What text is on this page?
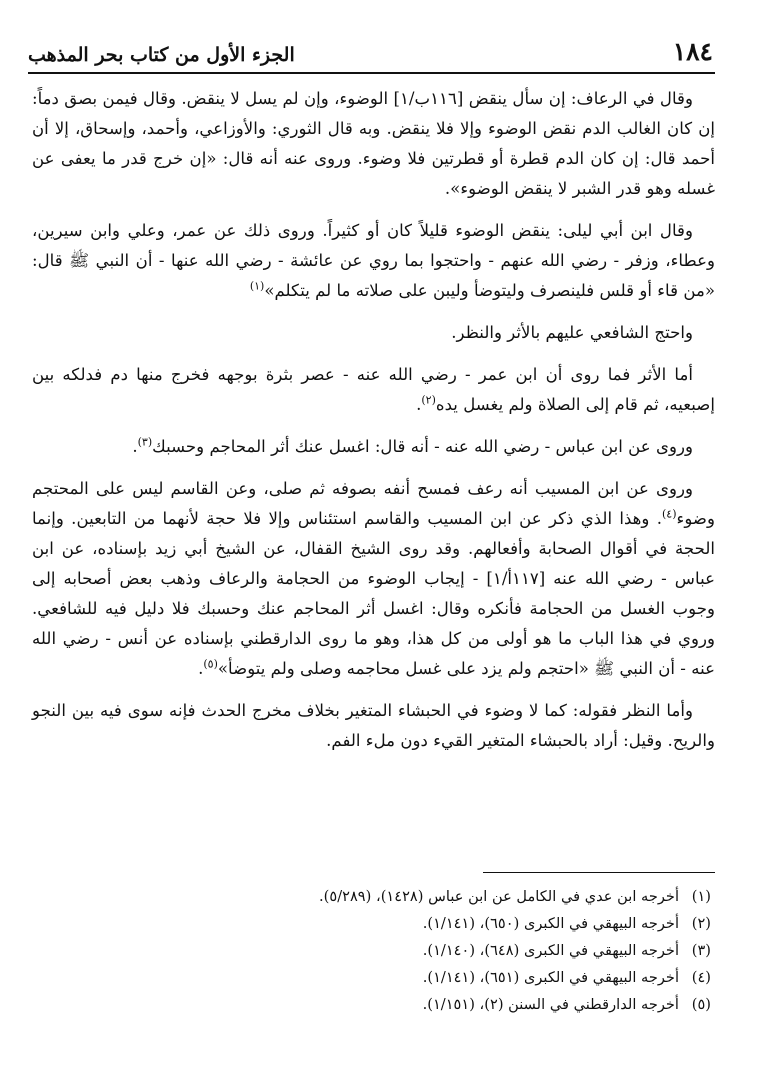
١٨٤
الجزء الأول من كتاب بحر المذهب

وقال في الرعاف: إن سأل ينقض [١١٦ب/١] الوضوء، وإن لم يسل لا ينقض. وقال فيمن بصق دماً: إن كان الغالب الدم نقض الوضوء وإلا فلا ينقض. وبه قال الثوري: والأوزاعي، وأحمد، وإسحاق، إلا أن أحمد قال: إن كان الدم قطرة أو قطرتين فلا وضوء. وروى عنه أنه قال: «إن خرج قدر ما يعفى عن غسله وهو قدر الشبر لا ينقض الوضوء».

وقال ابن أبي ليلى: ينقض الوضوء قليلاً كان أو كثيراً. وروى ذلك عن عمر، وعلي وابن سيرين، وعطاء، وزفر - رضي الله عنهم - واحتجوا بما روي عن عائشة - رضي الله عنها - أن النبي ﷺ قال: «من قاء أو قلس فلينصرف وليتوضأ وليبن على صلاته ما لم يتكلم»$^{(١)}$

واحتج الشافعي عليهم بالأثر والنظر.

أما الأثر فما روى أن ابن عمر - رضي الله عنه - عصر بثرة بوجهه فخرج منها دم فدلكه بين إصبعيه، ثم قام إلى الصلاة ولم يغسل يده$^{(٢)}$.

وروى عن ابن عباس - رضي الله عنه - أنه قال: اغسل عنك أثر المحاجم وحسبك$^{(٣)}$.

وروى عن ابن المسيب أنه رعف فمسح أنفه بصوفه ثم صلى، وعن القاسم ليس على المحتجم وضوء$^{(٤)}$. وهذا الذي ذكر عن ابن المسيب والقاسم استئناس وإلا فلا حجة لأنهما من التابعين. وإنما الحجة في أقوال الصحابة وأفعالهم. وقد روى الشيخ القفال، عن الشيخ أبي زيد بإسناده، عن ابن عباس - رضي الله عنه [١١٧أ/١] - إيجاب الوضوء من الحجامة والرعاف وذهب بعض أصحابه إلى وجوب الغسل من الحجامة فأنكره وقال: اغسل أثر المحاجم عنك وحسبك فلا دليل فيه للشافعي. وروي في هذا الباب ما هو أولى من كل هذا، وهو ما روى الدارقطني بإسناده عن أنس - رضي الله عنه - أن النبي ﷺ «احتجم ولم يزد على غسل محاجمه وصلى ولم يتوضأ»$^{(٥)}$.

وأما النظر فقوله: كما لا وضوء في الحبشاء المتغير بخلاف مخرج الحدث فإنه سوى فيه بين النجو والريح. وقيل: أراد بالحبشاء المتغير القيء دون ملء الفم.

(١)أخرجه ابن عدي في الكامل عن ابن عباس (١٤٢٨)، (٥/٢٨٩).
(٢)أخرجه البيهقي في الكبرى (٦٥٠)، (١/١٤١).
(٣)أخرجه البيهقي في الكبرى (٦٤٨)، (١/١٤٠).
(٤)أخرجه البيهقي في الكبرى (٦٥١)، (١/١٤١).
(٥)أخرجه الدارقطني في السنن (٢)، (١/١٥١).
